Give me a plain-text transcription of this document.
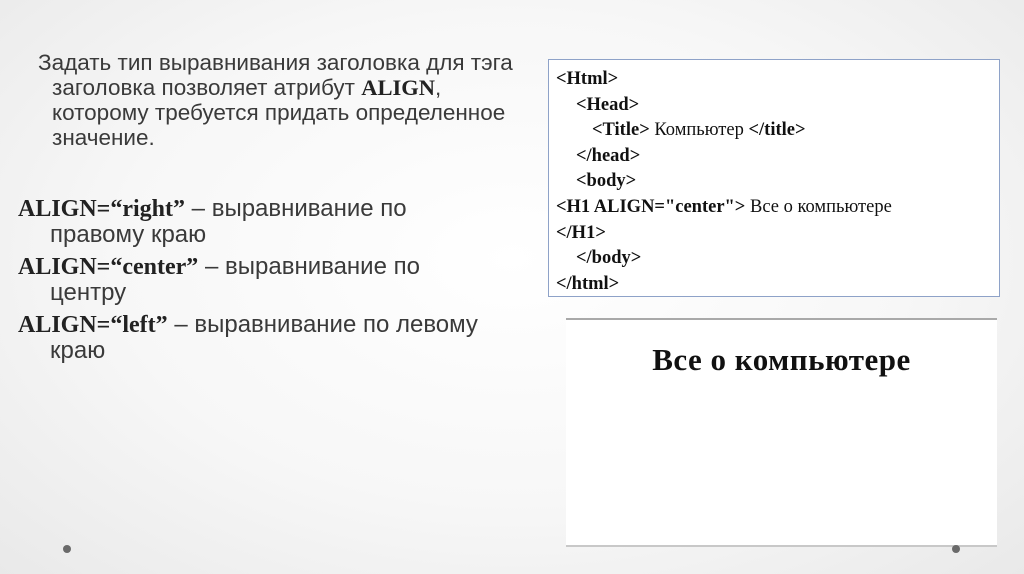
Задать тип выравнивания заголовка для тэга заголовка позволяет атрибут ALIGN, которому требуется придать определенное значение.
ALIGN=“right” – выравнивание по правому краю
ALIGN=“center” – выравнивание по центру
ALIGN=“left” – выравнивание по левому краю
<Html>
<Head>
<Title> Компьютер </title>
</head>
<body>
<H1 ALIGN="center"> Все о компьютере
</H1>
</body>
</html>
Все о компьютере
